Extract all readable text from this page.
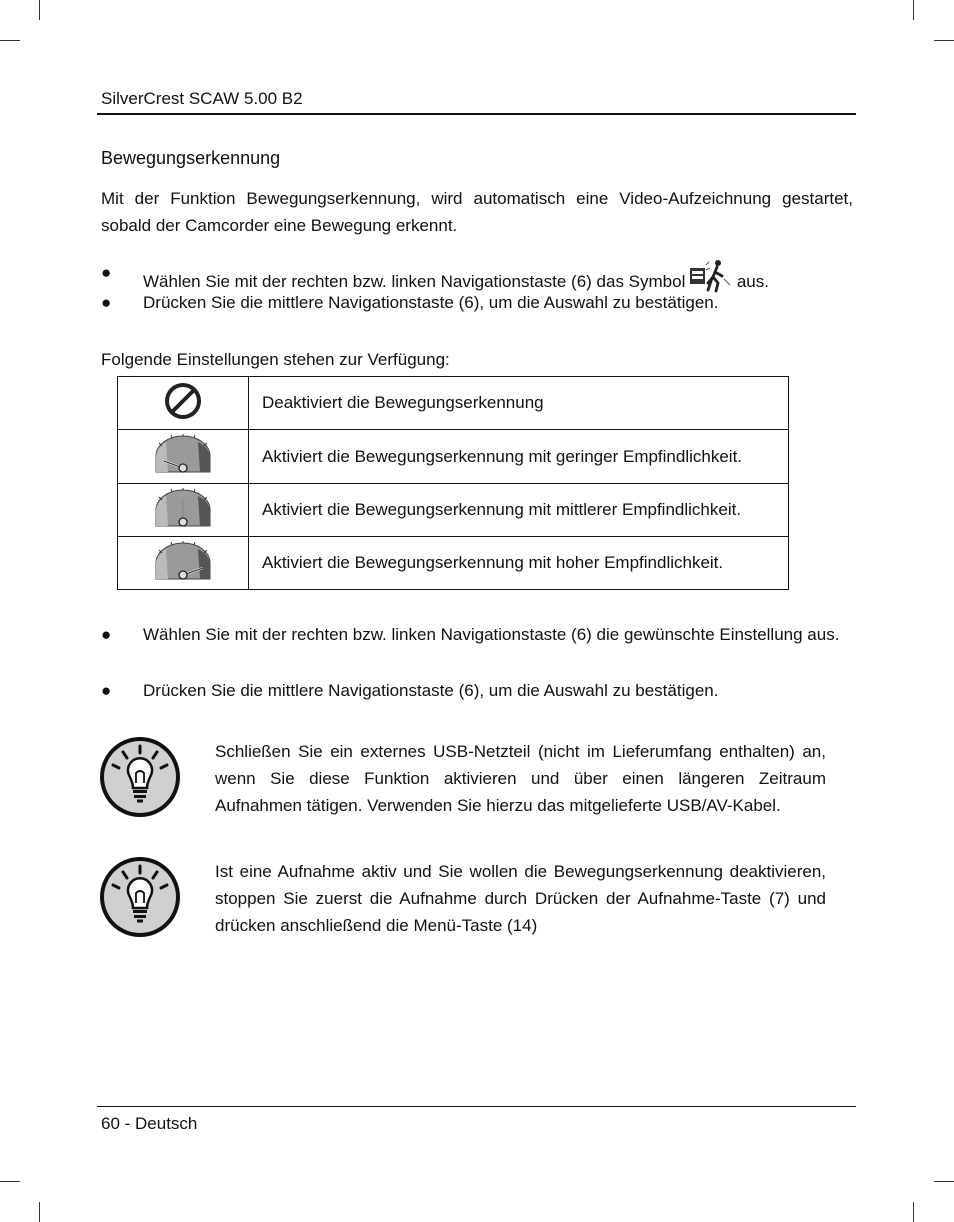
SilverCrest SCAW 5.00 B2
Bewegungserkennung
Mit der Funktion Bewegungserkennung, wird automatisch eine Video-Aufzeichnung gestartet, sobald der Camcorder eine Bewegung erkennt.
● Wählen Sie mit der rechten bzw. linken Navigationstaste (6) das Symbol  aus.
● Drücken Sie die mittlere Navigationstaste (6), um die Auswahl zu bestätigen.
Folgende Einstellungen stehen zur Verfügung:
	Deaktiviert die Bewegungserkennung
	Aktiviert die Bewegungserkennung mit geringer Empfindlichkeit.
	Aktiviert die Bewegungserkennung mit mittlerer Empfindlichkeit.
	Aktiviert die Bewegungserkennung mit hoher Empfindlichkeit.
● Wählen Sie mit der rechten bzw. linken Navigationstaste (6) die gewünschte Einstellung aus.
● Drücken Sie die mittlere Navigationstaste (6), um die Auswahl zu bestätigen.
Schließen Sie ein externes USB-Netzteil (nicht im Lieferumfang enthalten) an, wenn Sie diese Funktion aktivieren und über einen längeren Zeitraum Aufnahmen tätigen. Verwenden Sie hierzu das mitgelieferte USB/AV-Kabel.
Ist eine Aufnahme aktiv und Sie wollen die Bewegungserkennung deaktivieren, stoppen Sie zuerst die Aufnahme durch Drücken der Aufnahme-Taste (7) und drücken anschließend die Menü-Taste (14)
60 - Deutsch
